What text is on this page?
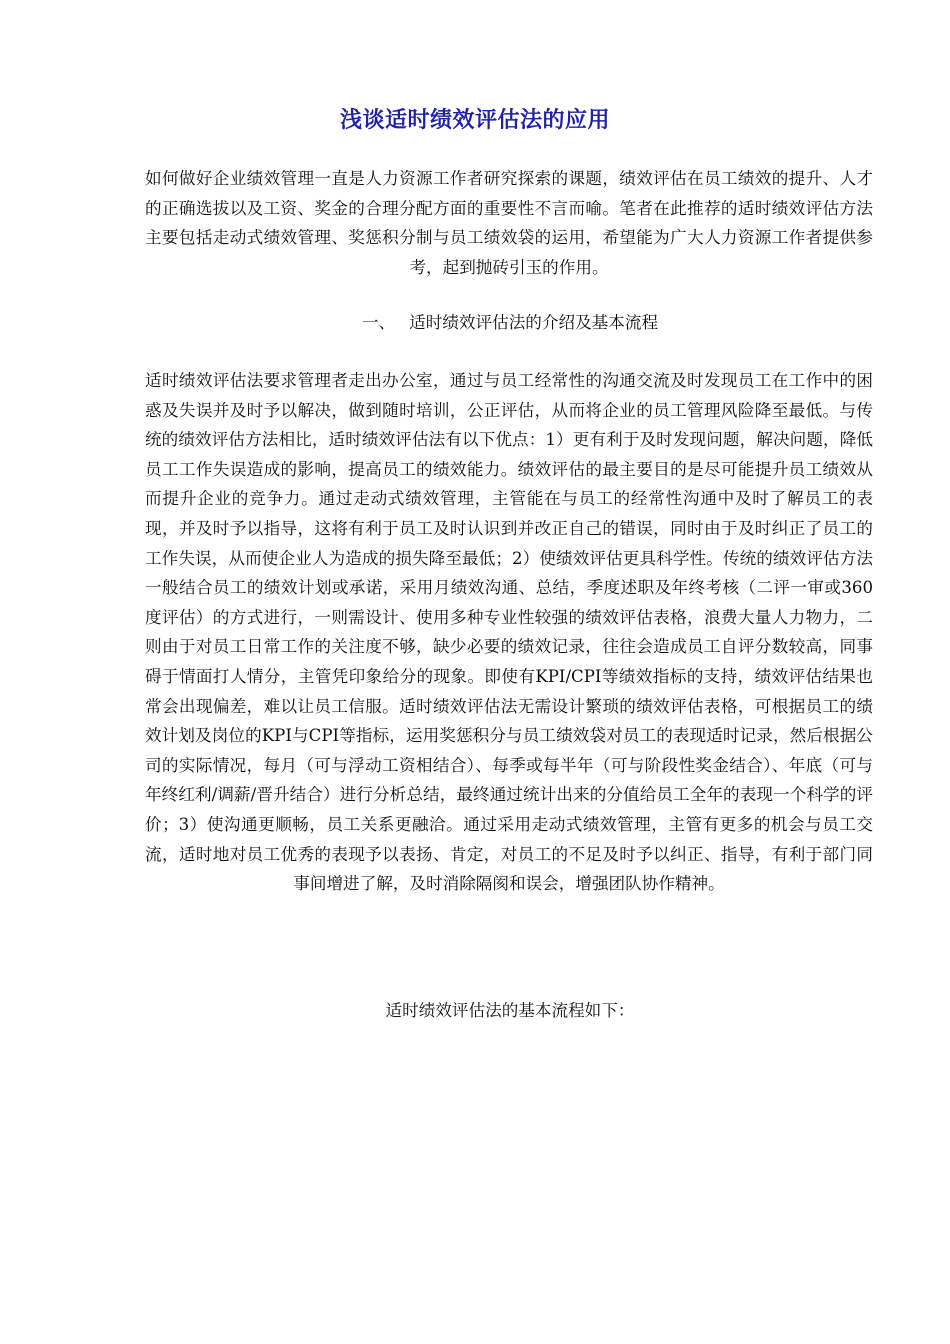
浅谈适时绩效评估法的应用

如何做好企业绩效管理一直是人力资源工作者研究探索的课题，绩效评估在员工绩效的提升、人才的正确选拔以及工资、奖金的合理分配方面的重要性不言而喻。笔者在此推荐的适时绩效评估方法主要包括走动式绩效管理、奖惩积分制与员工绩效袋的运用，希望能为广大人力资源工作者提供参考，起到抛砖引玉的作用。

一、 适时绩效评估法的介绍及基本流程

适时绩效评估法要求管理者走出办公室，通过与员工经常性的沟通交流及时发现员工在工作中的困惑及失误并及时予以解决，做到随时培训，公正评估，从而将企业的员工管理风险降至最低。与传统的绩效评估方法相比，适时绩效评估法有以下优点：1）更有利于及时发现问题，解决问题，降低员工工作失误造成的影响，提高员工的绩效能力。绩效评估的最主要目的是尽可能提升员工绩效从而提升企业的竞争力。通过走动式绩效管理，主管能在与员工的经常性沟通中及时了解员工的表现，并及时予以指导，这将有利于员工及时认识到并改正自己的错误，同时由于及时纠正了员工的工作失误，从而使企业人为造成的损失降至最低；2）使绩效评估更具科学性。传统的绩效评估方法一般结合员工的绩效计划或承诺，采用月绩效沟通、总结，季度述职及年终考核（二评一审或360度评估）的方式进行，一则需设计、使用多种专业性较强的绩效评估表格，浪费大量人力物力，二则由于对员工日常工作的关注度不够，缺少必要的绩效记录，往往会造成员工自评分数较高，同事碍于情面打人情分，主管凭印象给分的现象。即使有KPI/CPI等绩效指标的支持，绩效评估结果也常会出现偏差，难以让员工信服。适时绩效评估法无需设计繁琐的绩效评估表格，可根据员工的绩效计划及岗位的KPI与CPI等指标，运用奖惩积分与员工绩效袋对员工的表现适时记录，然后根据公司的实际情况，每月（可与浮动工资相结合）、每季或每半年（可与阶段性奖金结合）、年底（可与年终红利/调薪/晋升结合）进行分析总结，最终通过统计出来的分值给员工全年的表现一个科学的评价；3）使沟通更顺畅，员工关系更融洽。通过采用走动式绩效管理，主管有更多的机会与员工交流，适时地对员工优秀的表现予以表扬、肯定，对员工的不足及时予以纠正、指导，有利于部门同事间增进了解，及时消除隔阂和误会，增强团队协作精神。

适时绩效评估法的基本流程如下：
